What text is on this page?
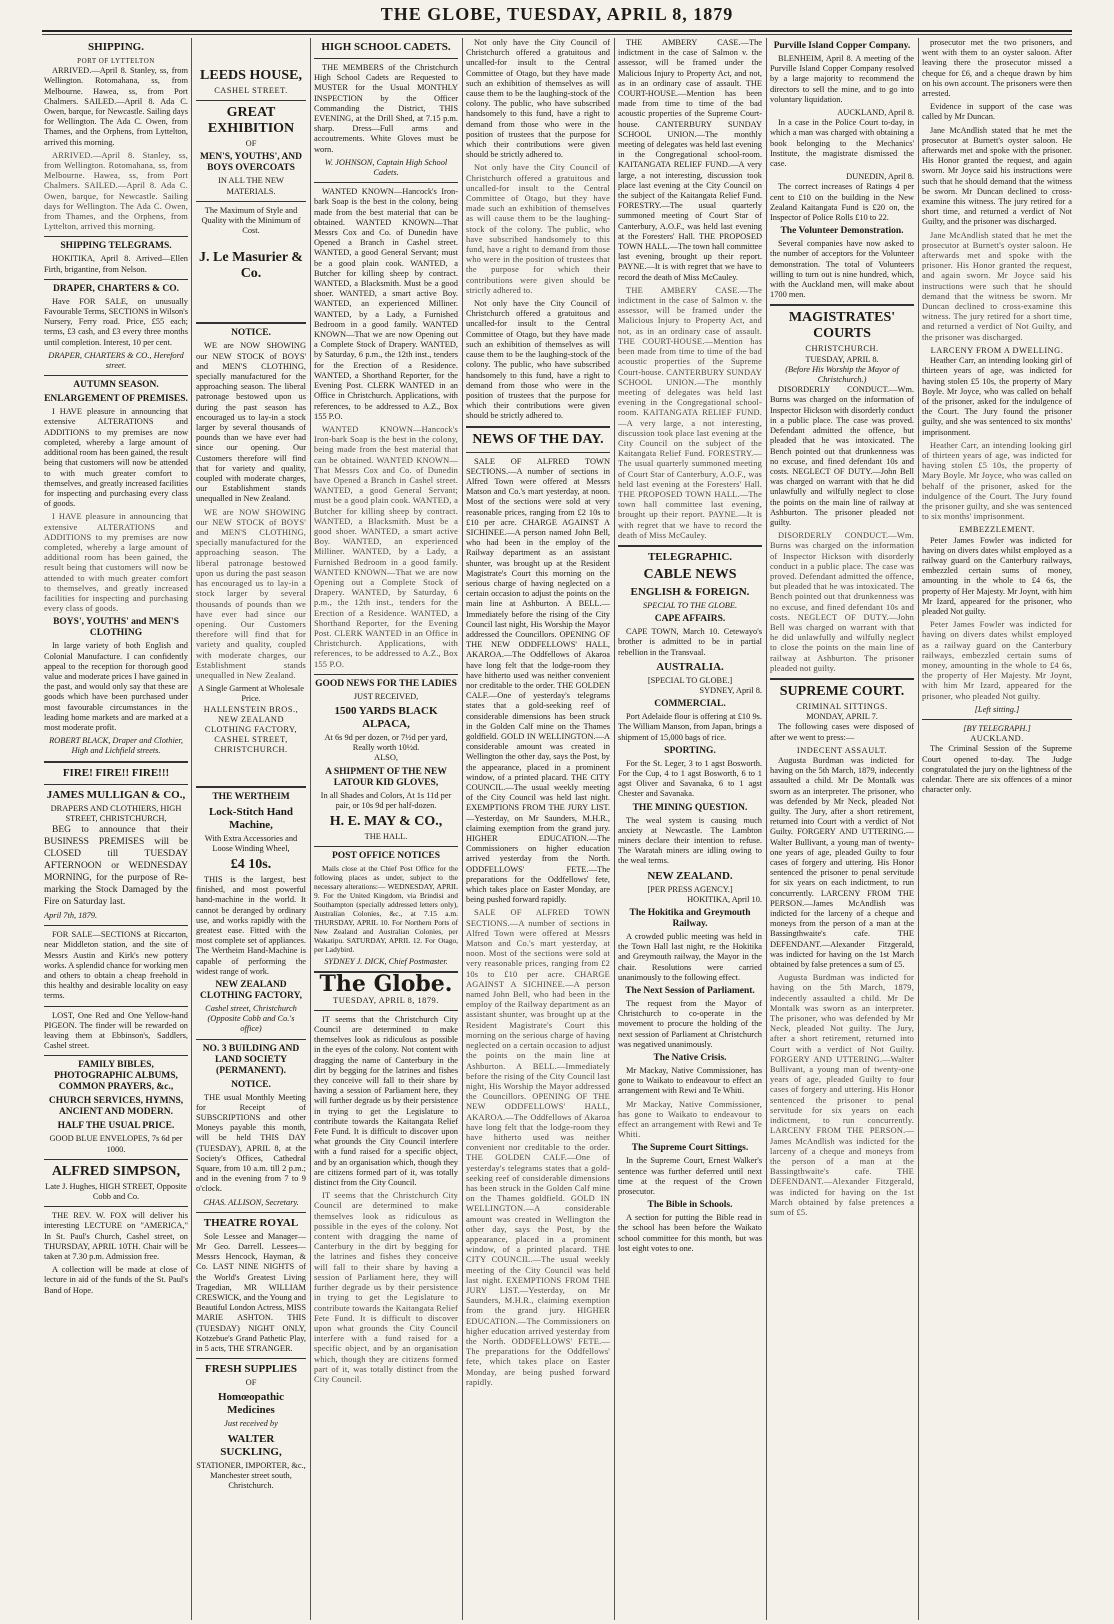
THE GLOBE, TUESDAY, APRIL 8, 1879
SHIPPING.
PORT OF LYTTELTON

ARRIVED.—April 8. Stanley, ss, from Wellington. Rotomahana, ss, from Melbourne. Hawea, ss, from Port Chalmers. SAILED.—April 8. Ada C. Owen, barque, for Newcastle. Sailing days for Wellington. The Ada C. Owen, from Thames, and the Orphens, from Lyttelton, arrived this morning.

ARRIVED.—April 8. Stanley, ss, from Wellington. Rotomahana, ss, from Melbourne. Hawea, ss, from Port Chalmers. SAILED.—April 8. Ada C. Owen, barque, for Newcastle. Sailing days for Wellington. The Ada C. Owen, from Thames, and the Orphens, from Lyttelton, arrived this morning.

SHIPPING TELEGRAMS.

HOKITIKA, April 8. Arrived—Ellen Firth, brigantine, from Nelson.

DRAPER, CHARTERS & CO.

Have FOR SALE, on unusually Favourable Terms, SECTIONS in Wilson's Nursery, Ferry road. Price, £55 each; terms, £3 cash, and £3 every three months until completion. Interest, 10 per cent.

DRAPER, CHARTERS & CO., Hereford street.
AUTUMN SEASON.
ENLARGEMENT OF PREMISES.

I HAVE pleasure in announcing that extensive ALTERATIONS and ADDITIONS to my premises are now completed, whereby a large amount of additional room has been gained, the result being that customers will now be attended to with much greater comfort to themselves, and greatly increased facilities for inspecting and purchasing every class of goods.

I HAVE pleasure in announcing that extensive ALTERATIONS and ADDITIONS to my premises are now completed, whereby a large amount of additional room has been gained, the result being that customers will now be attended to with much greater comfort to themselves, and greatly increased facilities for inspecting and purchasing every class of goods.

BOYS', YOUTHS' and MEN'S CLOTHING

In large variety of both English and Colonial Manufacture. I can confidently appeal to the reception for thorough good value and moderate prices I have gained in the past, and would only say that these are goods which have been purchased under most favourable circumstances in the leading home markets and are marked at a most moderate profit.

ROBERT BLACK, Draper and Clothier, High and Lichfield streets.
FIRE! FIRE!! FIRE!!!
JAMES MULLIGAN & CO.,
DRAPERS AND CLOTHIERS, HIGH STREET, CHRISTCHURCH,

BEG to announce that their BUSINESS PREMISES will be CLOSED till TUESDAY AFTERNOON or WEDNESDAY MORNING, for the purpose of Re-marking the Stock Damaged by the Fire on Saturday last.

April 7th, 1879.

FOR SALE—SECTIONS at Riccarton, near Middleton station, and the site of Messrs Austin and Kirk's new pottery works. A splendid chance for working men and others to obtain a cheap freehold in this healthy and desirable locality on easy terms.

LOST, One Red and One Yellow-hand PIGEON. The finder will be rewarded on leaving them at Ebbinson's, Saddlers, Cashel street.

FAMILY BIBLES, PHOTOGRAPHIC ALBUMS, COMMON PRAYERS, &c.,
CHURCH SERVICES, HYMNS, ANCIENT AND MODERN.
HALF THE USUAL PRICE.
GOOD BLUE ENVELOPES, 7s 6d per 1000.
ALFRED SIMPSON,
Late J. Hughes, HIGH STREET, Opposite Cobb and Co.

THE REV. W. FOX will deliver his interesting LECTURE on "AMERICA," In St. Paul's Church, Cashel street, on THURSDAY, APRIL 10TH. Chair will be taken at 7.30 p.m. Admission free.

A collection will be made at close of lecture in aid of the funds of the St. Paul's Band of Hope.

LEEDS HOUSE,
CASHEL STREET.
GREAT EXHIBITION
OF
MEN'S, YOUTHS', AND BOYS OVERCOATS
IN ALL THE NEW MATERIALS.
The Maximum of Style and Quality with the Minimum of Cost.
J. Le Masurier & Co.
NOTICE.

WE are NOW SHOWING our NEW STOCK of BOYS' and MEN'S CLOTHING, specially manufactured for the approaching season. The liberal patronage bestowed upon us during the past season has encouraged us to lay-in a stock larger by several thousands of pounds than we have ever had since our opening. Our Customers therefore will find that for variety and quality, coupled with moderate charges, our Establishment stands unequalled in New Zealand.

WE are NOW SHOWING our NEW STOCK of BOYS' and MEN'S CLOTHING, specially manufactured for the approaching season. The liberal patronage bestowed upon us during the past season has encouraged us to lay-in a stock larger by several thousands of pounds than we have ever had since our opening. Our Customers therefore will find that for variety and quality, coupled with moderate charges, our Establishment stands unequalled in New Zealand.

A Single Garment at Wholesale Price.
HALLENSTEIN BROS., NEW ZEALAND CLOTHING FACTORY, CASHEL STREET, CHRISTCHURCH.
THE WERTHEIM
Lock-Stitch Hand Machine,
With Extra Accessories and Loose Winding Wheel,
£4 10s.

THIS is the largest, best finished, and most powerful hand-machine in the world. It cannot be deranged by ordinary use, and works rapidly with the greatest ease. Fitted with the most complete set of appliances. The Wertheim Hand-Machine is capable of performing the widest range of work.

NEW ZEALAND CLOTHING FACTORY,
Cashel street, Christchurch (Opposite Cobb and Co.'s office)
NO. 3 BUILDING AND LAND SOCIETY (PERMANENT).
NOTICE.

THE usual Monthly Meeting for Receipt of SUBSCRIPTIONS and other Moneys payable this month, will be held THIS DAY (TUESDAY), APRIL 8, at the Society's Offices, Cathedral Square, from 10 a.m. till 2 p.m.; and in the evening from 7 to 9 o'clock.

CHAS. ALLISON, Secretary.
THEATRE ROYAL

Sole Lessee and Manager—Mr Geo. Darrell. Lessees—Messrs Hencock, Hayman, & Co. LAST NINE NIGHTS of the World's Greatest Living Tragedian, MR WILLIAM CRESWICK, and the Young and Beautiful London Actress, MISS MARIE ASHTON. THIS (TUESDAY) NIGHT ONLY, Kotzebue's Grand Pathetic Play, in 5 acts, THE STRANGER.

FRESH SUPPLIES
OF
Homœopathic Medicines
Just received by
WALTER SUCKLING,
STATIONER, IMPORTER, &c., Manchester street south, Christchurch.
HIGH SCHOOL CADETS.

THE MEMBERS of the Christchurch High School Cadets are Requested to MUSTER for the Usual MONTHLY INSPECTION by the Officer Commanding the District, THIS EVENING, at the Drill Shed, at 7.15 p.m. sharp. Dress—Full arms and accoutrements. White Gloves must be worn.

W. JOHNSON, Captain High School Cadets.

WANTED KNOWN—Hancock's Iron-bark Soap is the best in the colony, being made from the best material that can be obtained. WANTED KNOWN—That Messrs Cox and Co. of Dunedin have Opened a Branch in Cashel street. WANTED, a good General Servant; must be a good plain cook. WANTED, a Butcher for killing sheep by contract. WANTED, a Blacksmith. Must be a good shoer. WANTED, a smart active Boy. WANTED, an experienced Milliner. WANTED, by a Lady, a Furnished Bedroom in a good family. WANTED KNOWN—That we are now Opening out a Complete Stock of Drapery. WANTED, by Saturday, 6 p.m., the 12th inst., tenders for the Erection of a Residence. WANTED, a Shorthand Reporter, for the Evening Post. CLERK WANTED in an Office in Christchurch. Applications, with references, to be addressed to A.Z., Box 155 P.O.

WANTED KNOWN—Hancock's Iron-bark Soap is the best in the colony, being made from the best material that can be obtained. WANTED KNOWN—That Messrs Cox and Co. of Dunedin have Opened a Branch in Cashel street. WANTED, a good General Servant; must be a good plain cook. WANTED, a Butcher for killing sheep by contract. WANTED, a Blacksmith. Must be a good shoer. WANTED, a smart active Boy. WANTED, an experienced Milliner. WANTED, by a Lady, a Furnished Bedroom in a good family. WANTED KNOWN—That we are now Opening out a Complete Stock of Drapery. WANTED, by Saturday, 6 p.m., the 12th inst., tenders for the Erection of a Residence. WANTED, a Shorthand Reporter, for the Evening Post. CLERK WANTED in an Office in Christchurch. Applications, with references, to be addressed to A.Z., Box 155 P.O.

GOOD NEWS FOR THE LADIES
JUST RECEIVED,
1500 YARDS BLACK ALPACA,
At 6s 9d per dozen, or 7½d per yard, Really worth 10½d.
ALSO,
A SHIPMENT OF THE NEW LATOUR KID GLOVES,
In all Shades and Colors, At 1s 11d per pair, or 10s 9d per half-dozen.
H. E. MAY & CO.,
THE HALL.
POST OFFICE NOTICES

Mails close at the Chief Post Office for the following places as under, subject to the necessary alterations:— WEDNESDAY, APRIL 9. For the United Kingdom, via Brindisi and Southampton (specially addressed letters only), Australian Colonies, &c., at 7.15 a.m. THURSDAY, APRIL 10. For Northern Ports of New Zealand and Australian Colonies, per Wakatipu. SATURDAY, APRIL 12. For Otago, per Ladybird.

SYDNEY J. DICK, Chief Postmaster.
The Globe.
TUESDAY, APRIL 8, 1879.

IT seems that the Christchurch City Council are determined to make themselves look as ridiculous as possible in the eyes of the colony. Not content with dragging the name of Canterbury in the dirt by begging for the latrines and fishes they conceive will fall to their share by having a session of Parliament here, they will further degrade us by their persistence in trying to get the Legislature to contribute towards the Kaitangata Relief Fete Fund. It is difficult to discover upon what grounds the City Council interfere with a fund raised for a specific object, and by an organisation which, though they are citizens formed part of it, was totally distinct from the City Council.

IT seems that the Christchurch City Council are determined to make themselves look as ridiculous as possible in the eyes of the colony. Not content with dragging the name of Canterbury in the dirt by begging for the latrines and fishes they conceive will fall to their share by having a session of Parliament here, they will further degrade us by their persistence in trying to get the Legislature to contribute towards the Kaitangata Relief Fete Fund. It is difficult to discover upon what grounds the City Council interfere with a fund raised for a specific object, and by an organisation which, though they are citizens formed part of it, was totally distinct from the City Council.

Not only have the City Council of Christchurch offered a gratuitous and uncalled-for insult to the Central Committee of Otago, but they have made such an exhibition of themselves as will cause them to be the laughing-stock of the colony. The public, who have subscribed handsomely to this fund, have a right to demand from those who were in the position of trustees that the purpose for which their contributions were given should be strictly adhered to.

Not only have the City Council of Christchurch offered a gratuitous and uncalled-for insult to the Central Committee of Otago, but they have made such an exhibition of themselves as will cause them to be the laughing-stock of the colony. The public, who have subscribed handsomely to this fund, have a right to demand from those who were in the position of trustees that the purpose for which their contributions were given should be strictly adhered to.

Not only have the City Council of Christchurch offered a gratuitous and uncalled-for insult to the Central Committee of Otago, but they have made such an exhibition of themselves as will cause them to be the laughing-stock of the colony. The public, who have subscribed handsomely to this fund, have a right to demand from those who were in the position of trustees that the purpose for which their contributions were given should be strictly adhered to.

NEWS OF THE DAY.

SALE OF ALFRED TOWN SECTIONS.—A number of sections in Alfred Town were offered at Messrs Matson and Co.'s mart yesterday, at noon. Most of the sections were sold at very reasonable prices, ranging from £2 10s to £10 per acre. CHARGE AGAINST A SICHINEE.—A person named John Bell, who had been in the employ of the Railway department as an assistant shunter, was brought up at the Resident Magistrate's Court this morning on the serious charge of having neglected on a certain occasion to adjust the points on the main line at Ashburton. A BELL.—Immediately before the rising of the City Council last night, His Worship the Mayor addressed the Councillors. OPENING OF THE NEW ODDFELLOWS' HALL, AKAROA.—The Oddfellows of Akaroa have long felt that the lodge-room they have hitherto used was neither convenient nor creditable to the order. THE GOLDEN CALF.—One of yesterday's telegrams states that a gold-seeking reef of considerable dimensions has been struck in the Golden Calf mine on the Thames goldfield. GOLD IN WELLINGTON.—A considerable amount was created in Wellington the other day, says the Post, by the appearance, placed in a prominent window, of a printed placard. THE CITY COUNCIL.—The usual weekly meeting of the City Council was held last night. EXEMPTIONS FROM THE JURY LIST.—Yesterday, on Mr Saunders, M.H.R., claiming exemption from the grand jury. HIGHER EDUCATION.—The Commissioners on higher education arrived yesterday from the North. ODDFELLOWS' FETE.—The preparations for the Oddfellows' fete, which takes place on Easter Monday, are being pushed forward rapidly.

SALE OF ALFRED TOWN SECTIONS.—A number of sections in Alfred Town were offered at Messrs Matson and Co.'s mart yesterday, at noon. Most of the sections were sold at very reasonable prices, ranging from £2 10s to £10 per acre. CHARGE AGAINST A SICHINEE.—A person named John Bell, who had been in the employ of the Railway department as an assistant shunter, was brought up at the Resident Magistrate's Court this morning on the serious charge of having neglected on a certain occasion to adjust the points on the main line at Ashburton. A BELL.—Immediately before the rising of the City Council last night, His Worship the Mayor addressed the Councillors. OPENING OF THE NEW ODDFELLOWS' HALL, AKAROA.—The Oddfellows of Akaroa have long felt that the lodge-room they have hitherto used was neither convenient nor creditable to the order. THE GOLDEN CALF.—One of yesterday's telegrams states that a gold-seeking reef of considerable dimensions has been struck in the Golden Calf mine on the Thames goldfield. GOLD IN WELLINGTON.—A considerable amount was created in Wellington the other day, says the Post, by the appearance, placed in a prominent window, of a printed placard. THE CITY COUNCIL.—The usual weekly meeting of the City Council was held last night. EXEMPTIONS FROM THE JURY LIST.—Yesterday, on Mr Saunders, M.H.R., claiming exemption from the grand jury. HIGHER EDUCATION.—The Commissioners on higher education arrived yesterday from the North. ODDFELLOWS' FETE.—The preparations for the Oddfellows' fete, which takes place on Easter Monday, are being pushed forward rapidly.

THE AMBERY CASE.—The indictment in the case of Salmon v. the assessor, will be framed under the Malicious Injury to Property Act, and not, as in an ordinary case of assault. THE COURT-HOUSE.—Mention has been made from time to time of the bad acoustic properties of the Supreme Court-house. CANTERBURY SUNDAY SCHOOL UNION.—The monthly meeting of delegates was held last evening in the Congregational school-room. KAITANGATA RELIEF FUND.—A very large, a not interesting, discussion took place last evening at the City Council on the subject of the Kaitangata Relief Fund. FORESTRY.—The usual quarterly summoned meeting of Court Star of Canterbury, A.O.F., was held last evening at the Foresters' Hall. THE PROPOSED TOWN HALL.—The town hall committee last evening, brought up their report. PAYNE.—It is with regret that we have to record the death of Miss McCauley.

THE AMBERY CASE.—The indictment in the case of Salmon v. the assessor, will be framed under the Malicious Injury to Property Act, and not, as in an ordinary case of assault. THE COURT-HOUSE.—Mention has been made from time to time of the bad acoustic properties of the Supreme Court-house. CANTERBURY SUNDAY SCHOOL UNION.—The monthly meeting of delegates was held last evening in the Congregational school-room. KAITANGATA RELIEF FUND.—A very large, a not interesting, discussion took place last evening at the City Council on the subject of the Kaitangata Relief Fund. FORESTRY.—The usual quarterly summoned meeting of Court Star of Canterbury, A.O.F., was held last evening at the Foresters' Hall. THE PROPOSED TOWN HALL.—The town hall committee last evening, brought up their report. PAYNE.—It is with regret that we have to record the death of Miss McCauley.

TELEGRAPHIC.
CABLE NEWS
ENGLISH & FOREIGN.
SPECIAL TO THE GLOBE.
CAPE AFFAIRS.

CAPE TOWN, March 10. Cetewayo's brother is admitted to be in partial rebellion in the Transvaal.

AUSTRALIA.
[SPECIAL TO GLOBE.]
SYDNEY, April 8.
COMMERCIAL.

Port Adelaide flour is offering at £10 9s. The William Manson, from Japan, brings a shipment of 15,000 bags of rice.

SPORTING.

For the St. Leger, 3 to 1 agst Bosworth. For the Cup, 4 to 1 agst Bosworth, 6 to 1 agst Oliver and Savanaka, 6 to 1 agst Chester and Savanaka.

THE MINING QUESTION.

The weal system is causing much anxiety at Newcastle. The Lambton miners declare their intention to refuse. The Waratah miners are idling owing to the weal terms.

NEW ZEALAND.
[PER PRESS AGENCY.]
HOKITIKA, April 10.
The Hokitika and Greymouth Railway.

A crowded public meeting was held in the Town Hall last night, re the Hokitika and Greymouth railway, the Mayor in the chair. Resolutions were carried unanimously to the following effect.

The Next Session of Parliament.

The request from the Mayor of Christchurch to co-operate in the movement to procure the holding of the next session of Parliament at Christchurch was negatived unanimously.

The Native Crisis.

Mr Mackay, Native Commissioner, has gone to Waikato to endeavour to effect an arrangement with Rewi and Te Whiti.

Mr Mackay, Native Commissioner, has gone to Waikato to endeavour to effect an arrangement with Rewi and Te Whiti.

The Supreme Court Sittings.

In the Supreme Court, Ernest Walker's sentence was further deferred until next time at the request of the Crown prosecutor.

The Bible in Schools.

A section for putting the Bible read in the school has been before the Waikato school committee for this month, but was lost eight votes to one.

Purville Island Copper Company.

BLENHEIM, April 8. A meeting of the Purville Island Copper Company resolved by a large majority to recommend the directors to sell the mine, and to go into voluntary liquidation.

AUCKLAND, April 8.

In a case in the Police Court to-day, in which a man was charged with obtaining a book belonging to the Mechanics' Institute, the magistrate dismissed the case.

DUNEDIN, April 8.

The correct increases of Ratings 4 per cent to £10 on the building in the New Zealand Kaitangata Fund is £20 on, the Inspector of Police Rolls £10 to 22.

The Volunteer Demonstration.

Several companies have now asked to the number of acceptors for the Volunteer demonstration. The total of Volunteers willing to turn out is nine hundred, which, with the Auckland men, will make about 1700 men.

MAGISTRATES' COURTS
CHRISTCHURCH.
TUESDAY, APRIL 8.
(Before His Worship the Mayor of Christchurch.)

DISORDERLY CONDUCT.—Wm. Burns was charged on the information of Inspector Hickson with disorderly conduct in a public place. The case was proved. Defendant admitted the offence, but pleaded that he was intoxicated. The Bench pointed out that drunkenness was no excuse, and fined defendant 10s and costs. NEGLECT OF DUTY.—John Bell was charged on warrant with that he did unlawfully and wilfully neglect to close the points on the main line of railway at Ashburton. The prisoner pleaded not guilty.

DISORDERLY CONDUCT.—Wm. Burns was charged on the information of Inspector Hickson with disorderly conduct in a public place. The case was proved. Defendant admitted the offence, but pleaded that he was intoxicated. The Bench pointed out that drunkenness was no excuse, and fined defendant 10s and costs. NEGLECT OF DUTY.—John Bell was charged on warrant with that he did unlawfully and wilfully neglect to close the points on the main line of railway at Ashburton. The prisoner pleaded not guilty.

SUPREME COURT.
CRIMINAL SITTINGS.
MONDAY, APRIL 7.

The following cases were disposed of after we went to press:—

INDECENT ASSAULT.

Augusta Burdman was indicted for having on the 5th March, 1879, indecently assaulted a child. Mr De Montalk was sworn as an interpreter. The prisoner, who was defended by Mr Neck, pleaded Not guilty. The Jury, after a short retirement, returned into Court with a verdict of Not Guilty. FORGERY AND UTTERING.—Walter Bullivant, a young man of twenty-one years of age, pleaded Guilty to four cases of forgery and uttering. His Honor sentenced the prisoner to penal servitude for six years on each indictment, to run concurrently. LARCENY FROM THE PERSON.—James McAndlish was indicted for the larceny of a cheque and moneys from the person of a man at the Bassingthwaite's cafe. THE DEFENDANT.—Alexander Fitzgerald, was indicted for having on the 1st March obtained by false pretences a sum of £5.

Augusta Burdman was indicted for having on the 5th March, 1879, indecently assaulted a child. Mr De Montalk was sworn as an interpreter. The prisoner, who was defended by Mr Neck, pleaded Not guilty. The Jury, after a short retirement, returned into Court with a verdict of Not Guilty. FORGERY AND UTTERING.—Walter Bullivant, a young man of twenty-one years of age, pleaded Guilty to four cases of forgery and uttering. His Honor sentenced the prisoner to penal servitude for six years on each indictment, to run concurrently. LARCENY FROM THE PERSON.—James McAndlish was indicted for the larceny of a cheque and moneys from the person of a man at the Bassingthwaite's cafe. THE DEFENDANT.—Alexander Fitzgerald, was indicted for having on the 1st March obtained by false pretences a sum of £5.

prosecutor met the two prisoners, and went with them to an oyster saloon. After leaving there the prosecutor missed a cheque for £6, and a cheque drawn by him on his own account. The prisoners were then arrested.

Evidence in support of the case was called by Mr Duncan.

Jane McAndlish stated that he met the prosecutor at Burnett's oyster saloon. He afterwards met and spoke with the prisoner. His Honor granted the request, and again sworn. Mr Joyce said his instructions were such that he should demand that the witness be sworn. Mr Duncan declined to cross-examine this witness. The jury retired for a short time, and returned a verdict of Not Guilty, and the prisoner was discharged.

Jane McAndlish stated that he met the prosecutor at Burnett's oyster saloon. He afterwards met and spoke with the prisoner. His Honor granted the request, and again sworn. Mr Joyce said his instructions were such that he should demand that the witness be sworn. Mr Duncan declined to cross-examine this witness. The jury retired for a short time, and returned a verdict of Not Guilty, and the prisoner was discharged.

LARCENY FROM A DWELLING.

Heather Carr, an intending looking girl of thirteen years of age, was indicted for having stolen £5 10s, the property of Mary Boyle. Mr Joyce, who was called on behalf of the prisoner, asked for the indulgence of the Court. The Jury found the prisoner guilty, and she was sentenced to six months' imprisonment.

Heather Carr, an intending looking girl of thirteen years of age, was indicted for having stolen £5 10s, the property of Mary Boyle. Mr Joyce, who was called on behalf of the prisoner, asked for the indulgence of the Court. The Jury found the prisoner guilty, and she was sentenced to six months' imprisonment.

EMBEZZLEMENT.

Peter James Fowler was indicted for having on divers dates whilst employed as a railway guard on the Canterbury railways, embezzled certain sums of money, amounting in the whole to £4 6s, the property of Her Majesty. Mr Joynt, with him Mr Izard, appeared for the prisoner, who pleaded Not guilty.

Peter James Fowler was indicted for having on divers dates whilst employed as a railway guard on the Canterbury railways, embezzled certain sums of money, amounting in the whole to £4 6s, the property of Her Majesty. Mr Joynt, with him Mr Izard, appeared for the prisoner, who pleaded Not guilty.

[Left sitting.]
[BY TELEGRAPH.]
AUCKLAND.

The Criminal Session of the Supreme Court opened to-day. The Judge congratulated the jury on the lightness of the calendar. There are six offences of a minor character only.
